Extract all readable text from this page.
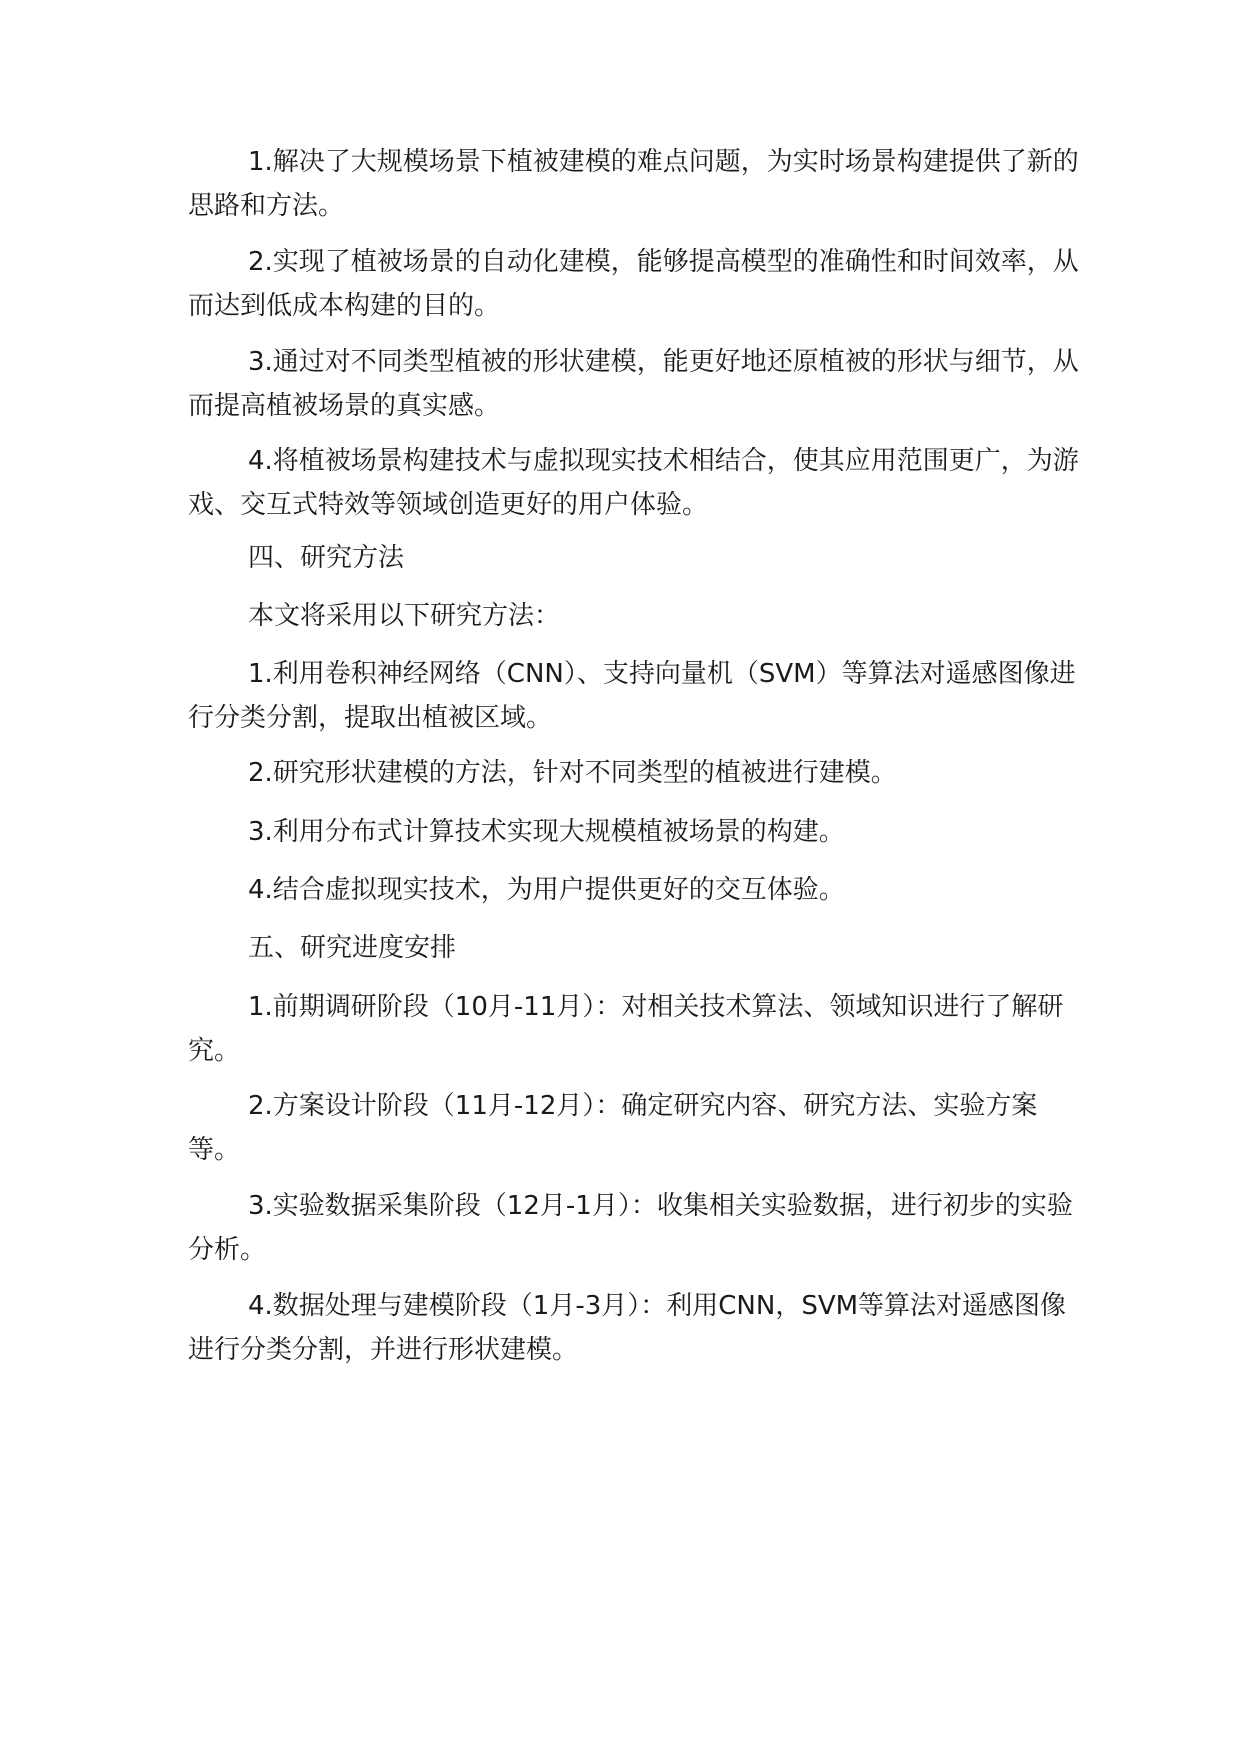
1.解决了大规模场景下植被建模的难点问题，为实时场景构建提供了新的思路和方法。

2.实现了植被场景的自动化建模，能够提高模型的准确性和时间效率，从而达到低成本构建的目的。

3.通过对不同类型植被的形状建模，能更好地还原植被的形状与细节，从而提高植被场景的真实感。

4.将植被场景构建技术与虚拟现实技术相结合，使其应用范围更广，为游戏、交互式特效等领域创造更好的用户体验。

四、研究方法

本文将采用以下研究方法：

1.利用卷积神经网络（CNN）、支持向量机（SVM）等算法对遥感图像进行分类分割，提取出植被区域。

2.研究形状建模的方法，针对不同类型的植被进行建模。

3.利用分布式计算技术实现大规模植被场景的构建。

4.结合虚拟现实技术，为用户提供更好的交互体验。

五、研究进度安排

1.前期调研阶段（10月-11月）：对相关技术算法、领域知识进行了解研究。

2.方案设计阶段（11月-12月）：确定研究内容、研究方法、实验方案等。

3.实验数据采集阶段（12月-1月）：收集相关实验数据，进行初步的实验分析。

4.数据处理与建模阶段（1月-3月）：利用CNN，SVM等算法对遥感图像进行分类分割，并进行形状建模。
